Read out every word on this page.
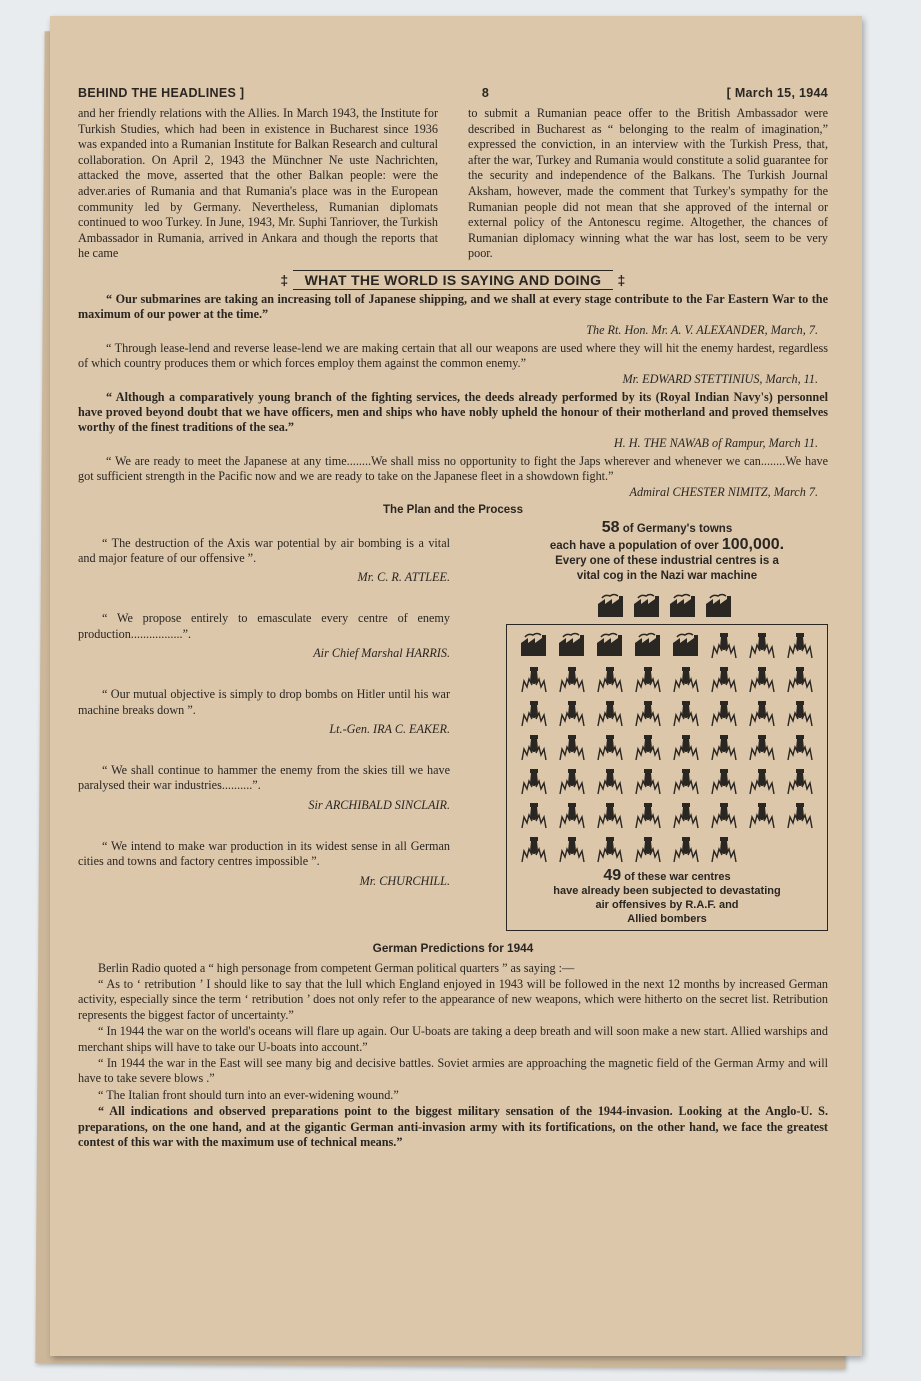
BEHIND THE HEADLINES ]	8	[ March 15, 1944

and her friendly relations with the Allies. In March 1943, the Institute for Turkish Studies, which had been in existence in Bucharest since 1936 was expanded into a Rumanian Institute for Balkan Research and cultural collaboration. On April 2, 1943 the Münchner Ne uste Nachrichten, attacked the move, asserted that the other Balkan people: were the adver.aries of Rumania and that Rumania's place was in the European community led by Germany. Nevertheless, Rumanian diplomats continued to woo Turkey. In June, 1943, Mr. Suphi Tanriover, the Turkish Ambassador in Rumania, arrived in Ankara and though the reports that he came

to submit a Rumanian peace offer to the British Ambassador were described in Bucharest as “ belonging to the realm of imagination,” expressed the conviction, in an interview with the Turkish Press, that, after the war, Turkey and Rumania would constitute a solid guarantee for the security and independence of the Balkans. The Turkish Journal Aksham, however, made the comment that Turkey's sympathy for the Rumanian people did not mean that she approved of the internal or external policy of the Antonescu regime. Altogether, the chances of Rumanian diplomacy winning what the war has lost, seem to be very poor.

‡ WHAT THE WORLD IS SAYING AND DOING ‡

“ Our submarines are taking an increasing toll of Japanese shipping, and we shall at every stage contribute to the Far Eastern War to the maximum of our power at the time.”

The Rt. Hon. Mr. A. V. ALEXANDER, March, 7.

“ Through lease-lend and reverse lease-lend we are making certain that all our weapons are used where they will hit the enemy hardest, regardless of which country produces them or which forces employ them against the common enemy.”

Mr. EDWARD STETTINIUS, March, 11.

“ Although a comparatively young branch of the fighting services, the deeds already performed by its (Royal Indian Navy's) personnel have proved beyond doubt that we have officers, men and ships who have nobly upheld the honour of their motherland and proved themselves worthy of the finest traditions of the sea.”

H. H. THE NAWAB of Rampur, March 11.

“ We are ready to meet the Japanese at any time........We shall miss no opportunity to fight the Japs wherever and whenever we can........We have got sufficient strength in the Pacific now and we are ready to take on the Japanese fleet in a showdown fight.”

Admiral CHESTER NIMITZ, March 7.

The Plan and the Process

“ The destruction of the Axis war potential by air bombing is a vital and major feature of our offensive ”.

Mr. C. R. ATTLEE.

“ We propose entirely to emasculate every centre of enemy production.................”.

Air Chief Marshal HARRIS.

“ Our mutual objective is simply to drop bombs on Hitler until his war machine breaks down ”.

Lt.-Gen. IRA C. EAKER.

“ We shall continue to hammer the enemy from the skies till we have paralysed their war industries..........”.

Sir ARCHIBALD SINCLAIR.

“ We intend to make war production in its widest sense in all German cities and towns and factory centres impossible ”.

Mr. CHURCHILL.

58 of Germany's towns
each have a population of over 100,000.
Every one of these industrial centres is a
vital cog in the Nazi war machine
49 of these war centres
have already been subjected to devastating
air offensives by R.A.F. and
Allied bombers
German Predictions for 1944

Berlin Radio quoted a “ high personage from competent German political quarters ” as saying :—

“ As to ‘ retribution ’ I should like to say that the lull which England enjoyed in 1943 will be followed in the next 12 months by increased German activity, especially since the term ‘ retribution ’ does not only refer to the appearance of new weapons, which were hitherto on the secret list. Retribution represents the biggest factor of uncertainty.”

“ In 1944 the war on the world's oceans will flare up again. Our U-boats are taking a deep breath and will soon make a new start. Allied warships and merchant ships will have to take our U-boats into account.”

“ In 1944 the war in the East will see many big and decisive battles. Soviet armies are approaching the magnetic field of the German Army and will have to take severe blows .”

“ The Italian front should turn into an ever-widening wound.”

“ All indications and observed preparations point to the biggest military sensation of the 1944-invasion. Looking at the Anglo-U. S. preparations, on the one hand, and at the gigantic German anti-invasion army with its fortifications, on the other hand, we face the greatest contest of this war with the maximum use of technical means.”
